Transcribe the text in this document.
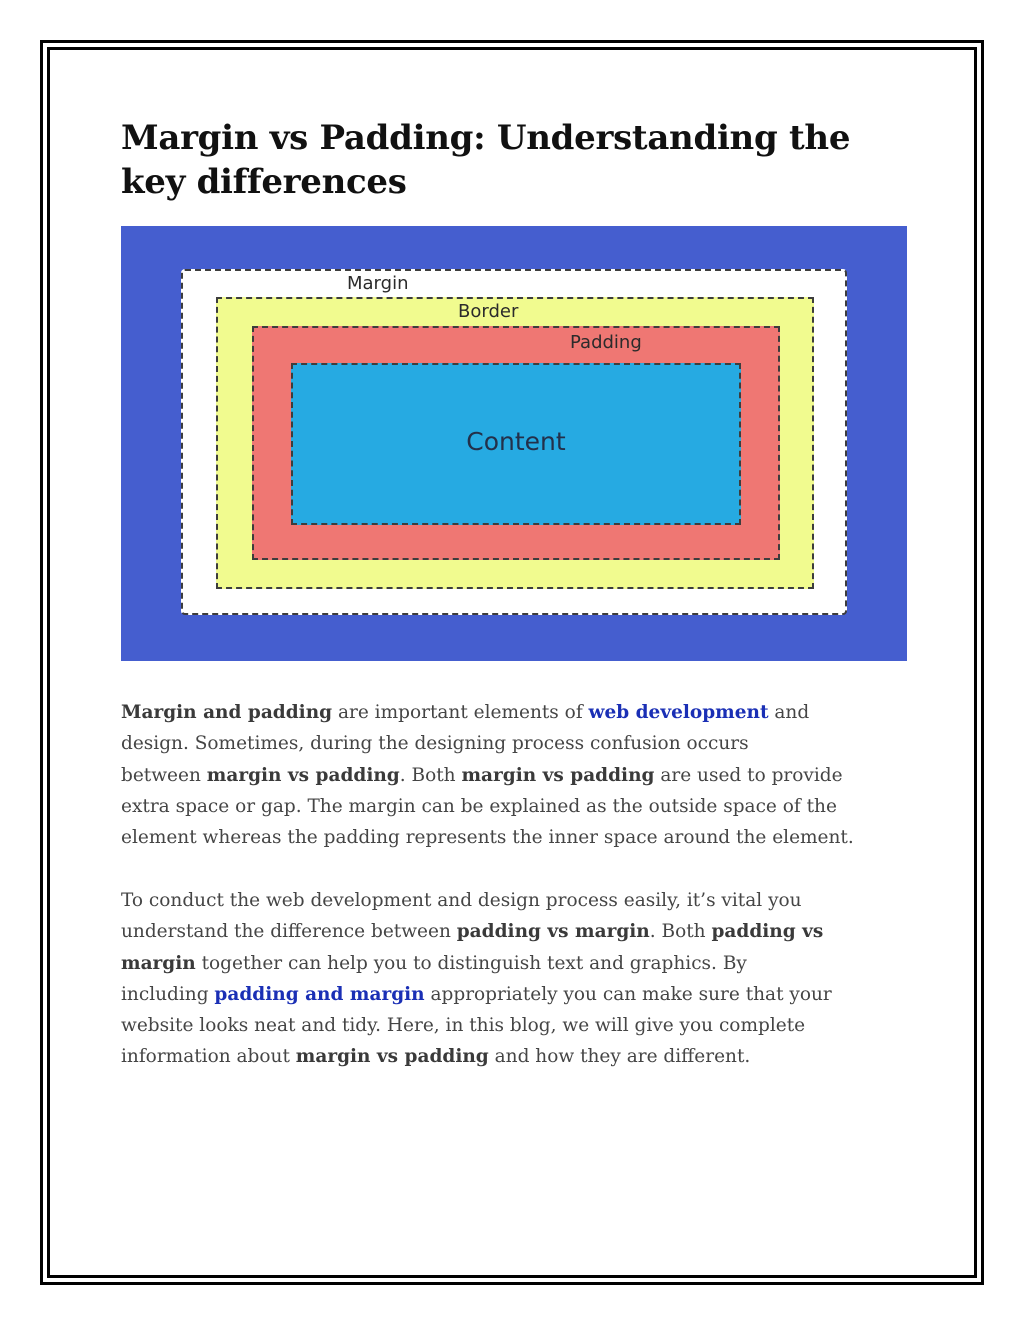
Margin vs Padding: Understanding the
key differences
Margin
Border
Padding
Content

Margin and padding are important elements of web development and
design. Sometimes, during the designing process confusion occurs
between margin vs padding. Both margin vs padding are used to provide
extra space or gap. The margin can be explained as the outside space of the
element whereas the padding represents the inner space around the element.

To conduct the web development and design process easily, it’s vital you
understand the difference between padding vs margin. Both padding vs
margin together can help you to distinguish text and graphics. By
including padding and margin appropriately you can make sure that your
website looks neat and tidy. Here, in this blog, we will give you complete
information about margin vs padding and how they are different.
